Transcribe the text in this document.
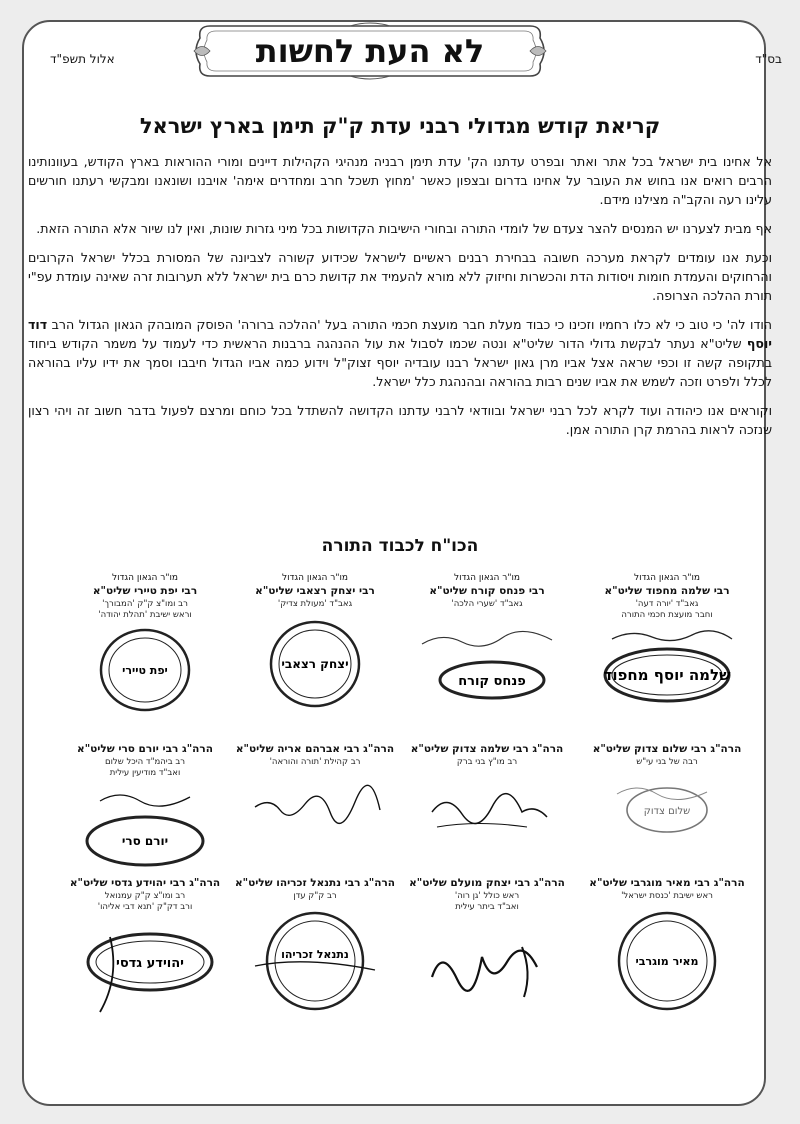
בס"ד
אלול תשפ"ד	לא העת לחשות
קריאת קודש מגדולי רבני עדת ק"ק תימן בארץ ישראל

אל אחינו בית ישראל בכל אתר ואתר ובפרט עדתנו הק' עדת תימן רבניה מנהיגי הקהילות דיינים ומורי ההוראות בארץ הקודש, בעוונותינו הרבים רואים אנו בחוש את העובר על אחינו בדרום ובצפון כאשר 'מחוץ תשכל חרב ומחדרים אימה' אויבנו ושונאנו ומבקשי רעתנו חורשים עלינו רעה והקב"ה מצילנו מידם.

אף מבית לצערנו יש המנסים להצר צעדם של לומדי התורה ובחורי הישיבות הקדושות בכל מיני גזרות שונות, ואין לנו שיור אלא התורה הזאת.

וכעת אנו עומדים לקראת מערכה חשובה בבחירת רבנים ראשיים לישראל שכידוע קשורה לצביונה של המסורת בכלל ישראל הקרובים והרחוקים והעמדת חומות ויסודות הדת והכשרות וחיזוק ללא מורא להעמיד את קדושת כרם בית ישראל ללא תערובות זרה שאינה עומדת עפ"י תורת ההלכה הצרופה.

הודו לה' כי טוב כי לא כלו רחמיו וזכינו כי כבוד מעלת חבר מועצת חכמי התורה בעל 'ההלכה ברורה' הפוסק המובהק הגאון הגדול הרב דוד יוסף שליט"א נעתר לבקשת גדולי הדור שליט"א ונטה שכמו לסבול את עול ההנהגה ברבנות הראשית כדי לעמוד על משמר הקודש ביחוד בתקופה קשה זו וכפי שראה אצל אביו מרן גאון ישראל רבנו עובדיה יוסף זצוק"ל וידוע כמה אביו הגדול חיבבו וסמך את ידיו עליו בהוראה לכלל ולפרט וזכה לשמש את אביו שנים רבות בהוראה ובהנהגת כלל ישראל.

וקוראים אנו כיהודה ועוד לקרא לכל רבני ישראל ובוודאי לרבני עדתנו הקדושה להשתדל בכל כוחם ומרצם לפעול בדבר חשוב זה ויהי רצון שנזכה לראות בהרמת קרן התורה אמן.

הכו"ח לכבוד התורה
מו"ר הגאון הגדול
רבי שלמה מחפוד שליט"א
גאב"ד 'יורה דעה'
וחבר מועצת חכמי התורה
שלמה יוסף מחפוד
מו"ר הגאון הגדול
רבי פנחס קורח שליט"א
גאב"ד 'שערי הלכה'
פנחס קורח
מו"ר הגאון הגדול
רבי יצחק רצאבי שליט"א
גאב"ד 'מעולת צדיק'
יצחק רצאבי
מו"ר הגאון הגדול
רבי יפת טיירי שליט"א
רב ומו"צ ק"ק 'המבורך'
וראש ישיבת 'תהלת יהודה'
יפת טיירי
הרה"ג רבי שלום צדוק שליט"א
רבה של בני עי"ש
שלום צדוק
הרה"ג רבי שלמה צדוק שליט"א
רב מו"ץ בני ברק
הרה"ג רבי אברהם אריה שליט"א
רב קהילת 'תורה והוראה'
הרה"ג רבי יורם סרי שליט"א
רב ביהמ"ד היכל שלום
ואב"ד מודיעין עילית
יורם סרי
הרה"ג רבי מאיר מוגרבי שליט"א
ראש ישיבת 'כנסת ישראל'
מאיר מוגרבי
הרה"ג רבי יצחק מועלם שליט"א
ראש כולל 'גן רוה'
ואב"ד ביתר עילית
הרה"ג רבי נתנאל זכריהו שליט"א
רב ק"ק עדן
נתנאל זכריהו
הרה"ג רבי יהוידע גדסי שליט"א
רב ומו"צ ק"ק עמנואל
ורב דק"ק 'תנא דבי אליהו'
יהוידע גדסי
